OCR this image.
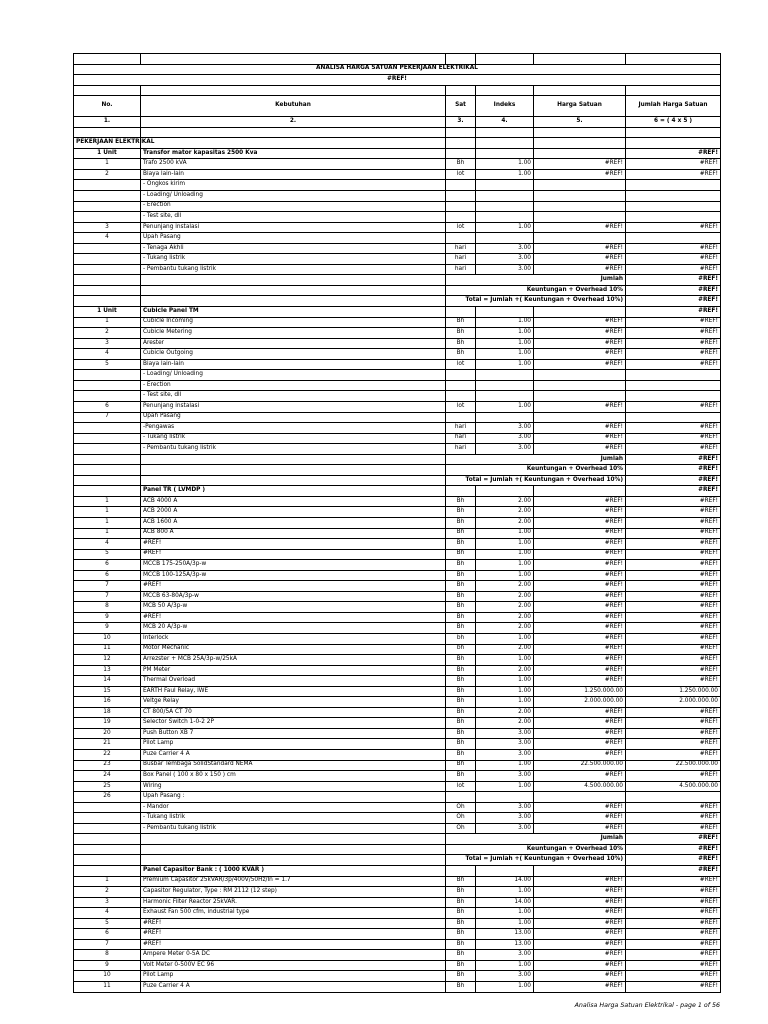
ANALISA HARGA SATUAN PEKERJAAN ELEKTRIKAL					
#REF!					

No.	Kebutuhan	Sat	Indeks	Harga Satuan	Jumlah Harga Satuan
1.	2.	3.	4.	5.	6 = ( 4 x 5 )

PEKERJAAN ELEKTRIKAL					
1 Unit	Transfor mator kapasitas 2500 Kva				#REF!
1	Trafo 2500 kVA	Bh	1.00	#REF!	#REF!
2	Biaya lain-lain	lot	1.00	#REF!	#REF!
	- Ongkos kirim				
	- Loading/ Unloading				
	- Erection				
	- Test site, dll				
3	Penunjang instalasi	lot	1.00	#REF!	#REF!
4	Upah Pasang				
	- Tenaga Akhli	hari	3.00	#REF!	#REF!
	- Tukang listrik	hari	3.00	#REF!	#REF!
	- Pembantu tukang listrik	hari	3.00	#REF!	#REF!
		Jumlah			#REF!
		Keuntungan + Overhead 10%			#REF!
		Total = Jumlah +( Keuntungan + Overhead 10%)			#REF!
1 Unit	Cubicle Panel TM				#REF!
1	Cubicle Incoming	Bh	1.00	#REF!	#REF!
2	Cubicle Metering	Bh	1.00	#REF!	#REF!
3	Arester	Bh	1.00	#REF!	#REF!
4	Cubicle Outgoing	Bh	1.00	#REF!	#REF!
5	Biaya lain-lain	lot	1.00	#REF!	#REF!
	- Loading/ Unloading				
	- Erection				
	- Test site, dll				
6	Penunjang instalasi	lot	1.00	#REF!	#REF!
7	Upah Pasang				
	-Pengawas	hari	3.00	#REF!	#REF!
	- Tukang listrik	hari	3.00	#REF!	#REF!
	- Pembantu tukang listrik	hari	3.00	#REF!	#REF!
		Jumlah			#REF!
		Keuntungan + Overhead 10%			#REF!
		Total = Jumlah +( Keuntungan + Overhead 10%)			#REF!
	Panel TR ( LVMDP )				#REF!
1	ACB 4000 A	Bh	2.00	#REF!	#REF!
1	ACB 2000 A	Bh	2.00	#REF!	#REF!
1	ACB 1600 A	Bh	2.00	#REF!	#REF!
1	ACB 800 A	Bh	1.00	#REF!	#REF!
4	#REF!	Bh	1.00	#REF!	#REF!
5	#REF!	Bh	1.00	#REF!	#REF!
6	MCCB 175-250A/3p-w	Bh	1.00	#REF!	#REF!
6	MCCB 100-125A/3p-w	Bh	1.00	#REF!	#REF!
7	#REF!	Bh	2.00	#REF!	#REF!
7	MCCB 63-80A/3p-w	Bh	2.00	#REF!	#REF!
8	MCB 50 A/3p-w	Bh	2.00	#REF!	#REF!
9	#REF!	Bh	2.00	#REF!	#REF!
9	MCB 20 A/3p-w	Bh	2.00	#REF!	#REF!
10	Interlock	bh	1.00	#REF!	#REF!
11	Motor Mechanic	bh	2.00	#REF!	#REF!
12	Arrezster + MCB 25A/3p-w/25kA	Bh	1.00	#REF!	#REF!
13	PM Meter	Bh	2.00	#REF!	#REF!
14	Thermal Overload	Bh	1.00	#REF!	#REF!
15	EARTH Faul Relay, IWE	Bh	1.00	1.250.000.00	1.250.000.00
16	Veltge Relay	Bh	1.00	2.000.000.00	2.000.000.00
18	CT 800/5A CT 70	Bh	2.00	#REF!	#REF!
19	Selector Switch 1-0-2 2P	Bh	2.00	#REF!	#REF!
20	Push Button XB 7	Bh	3.00	#REF!	#REF!
21	Pilot Lamp	Bh	3.00	#REF!	#REF!
22	Puze Carrier 4 A	Bh	3.00	#REF!	#REF!
23	Busbar Tembaga SolidStandard NEMA	Bh	1.00	22.500.000.00	22.500.000.00
24	Box Panel ( 100 x 80 x 150 ) cm	Bh	3.00	#REF!	#REF!
25	Wiring	lot	1.00	4.500.000.00	4.500.000.00
26	Upah Pasang :				
	- Mandor	Oh	3.00	#REF!	#REF!
	- Tukang listrik	Oh	3.00	#REF!	#REF!
	- Pembantu tukang listrik	Oh	3.00	#REF!	#REF!
		Jumlah			#REF!
		Keuntungan + Overhead 10%			#REF!
		Total = Jumlah +( Keuntungan + Overhead 10%)			#REF!
	Panel Capasitor Bank : ( 1000 KVAR )				#REF!
1	Premium Capasitor 25kVAR/3p/400V/50Hz/In = 1.7	Bh	14.00	#REF!	#REF!
2	Capasitor Regulator, Type : RM 2112 (12 step)	Bh	1.00	#REF!	#REF!
3	Harmonic Filter Reactor 25kVAR.	Bh	14.00	#REF!	#REF!
4	Exhaust Fan 500 cfm, industrial type	Bh	1.00	#REF!	#REF!
5	#REF!	Bh	1.00	#REF!	#REF!
6	#REF!	Bh	13.00	#REF!	#REF!
7	#REF!	Bh	13.00	#REF!	#REF!
8	Ampere Meter 0-5A DC	Bh	3.00	#REF!	#REF!
9	Volt Meter 0-500V EC 96	Bh	1.00	#REF!	#REF!
10	Pilot Lamp	Bh	3.00	#REF!	#REF!
11	Puze Carrier 4 A	Bh	1.00	#REF!	#REF!
Analisa Harga Satuan Elektrikal - page 1 of 56
